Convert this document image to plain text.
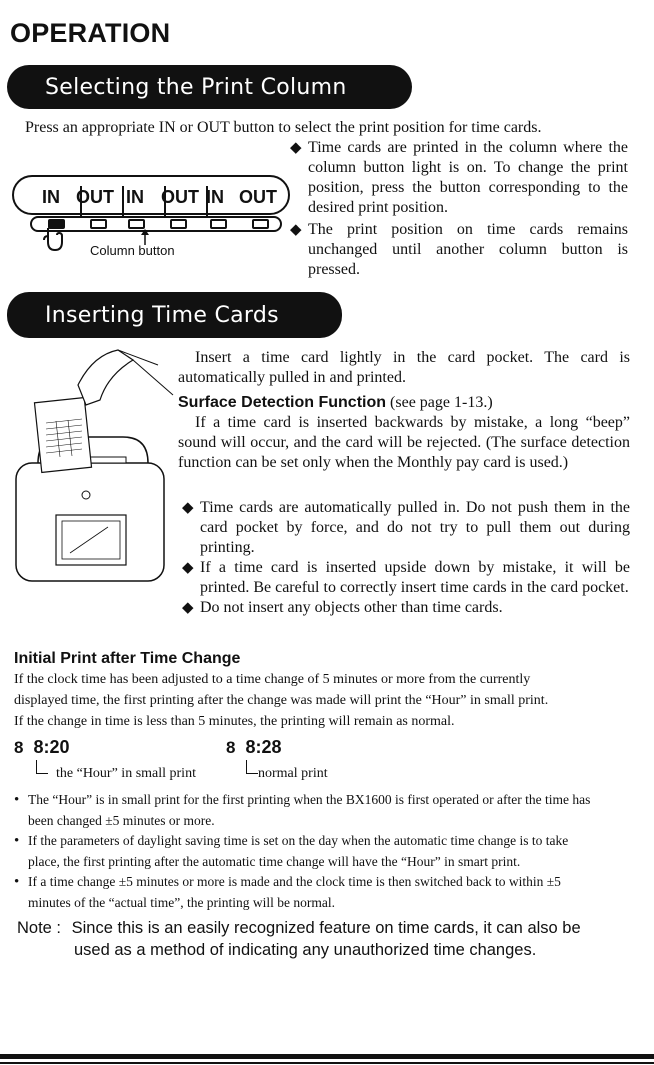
OPERATION
Selecting the Print Column
Press an appropriate IN or OUT button to select the print position for time cards.
IN OUT IN OUT IN OUT
Column button
◆ Time cards are printed in the column where the column button light is on. To change the print position, press the button corresponding to the desired print position.
◆ The print position on time cards remains unchanged until another column button is pressed.
Inserting Time Cards
Insert a time card lightly in the card pocket. The card is automatically pulled in and printed.
Surface Detection Function (see page 1-13.)
If a time card is inserted backwards by mistake, a long “beep” sound will occur, and the card will be rejected. (The surface detection function can be set only when the Monthly pay card is used.)
◆ Time cards are automatically pulled in. Do not push them in the card pocket by force, and do not try to pull them out during printing.
◆ If a time card is inserted upside down by mistake, it will be printed. Be careful to correctly insert time cards in the card pocket.
◆ Do not insert any objects other than time cards.
Initial Print after Time Change
If the clock time has been adjusted to a time change of 5 minutes or more from the currently
displayed time, the first printing after the change was made will print the “Hour” in small print.
If the change in time is less than 5 minutes, the printing will remain as normal.
8 8:20
the “Hour” in small print
8 8:28
normal print
• The “Hour” is in small print for the first printing when the BX1600 is first operated or after the time has
been changed ±5 minutes or more.
• If the parameters of daylight saving time is set on the day when the automatic time change is to take
place, the first printing after the automatic time change will have the “Hour” in smart print.
• If a time change ±5 minutes or more is made and the clock time is then switched back to within ±5
minutes of the “actual time”, the printing will be normal.
Note : Since this is an easily recognized feature on time cards, it can also be
used as a method of indicating any unauthorized time changes.
